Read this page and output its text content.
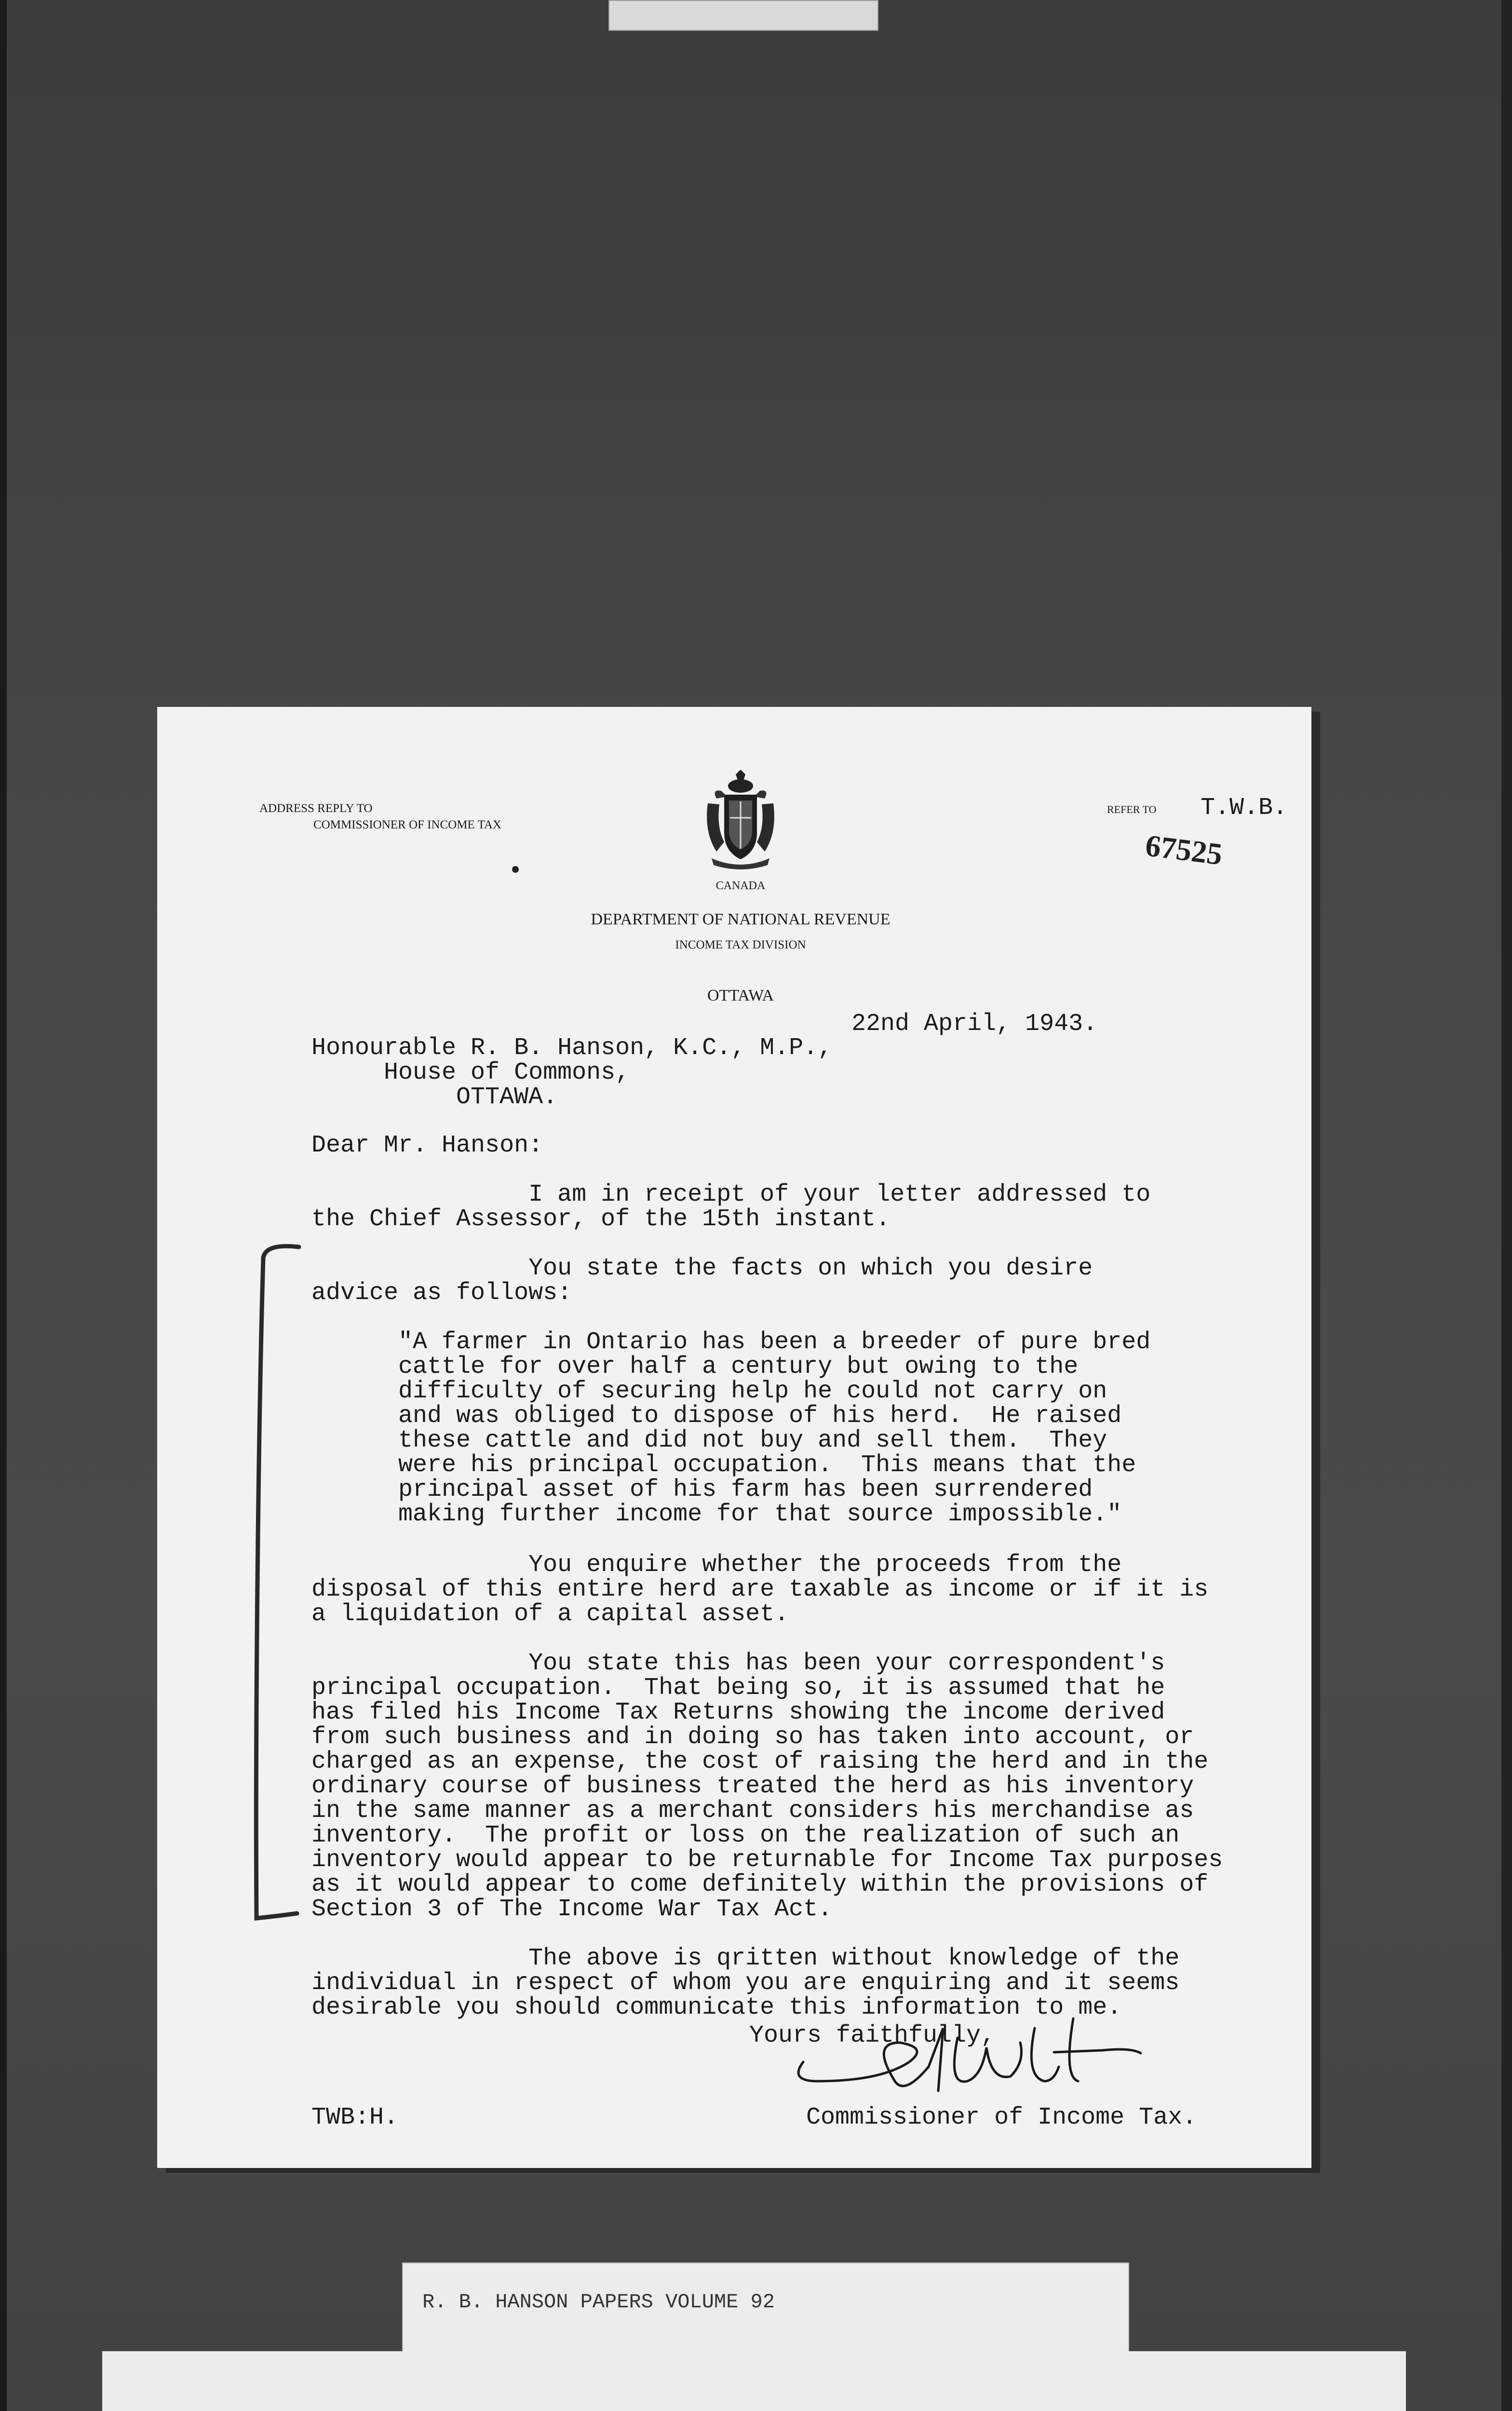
ADDRESS REPLY TO
COMMISSIONER OF INCOME TAX
CANADA
DEPARTMENT OF NATIONAL REVENUE
INCOME TAX DIVISION
OTTAWA
REFER TO T.W.B.
67525
22nd April, 1943.
Honourable R. B. Hanson, K.C., M.P.,
House of Commons,
OTTAWA.
Dear Mr. Hanson:
I am in receipt of your letter addressed to
the Chief Assessor, of the 15th instant.

You state the facts on which you desire
advice as follows:
"A farmer in Ontario has been a breeder of pure bred
cattle for over half a century but owing to the
difficulty of securing help he could not carry on
and was obliged to dispose of his herd.  He raised
these cattle and did not buy and sell them.  They
were his principal occupation.  This means that the
principal asset of his farm has been surrendered
making further income for that source impossible."
You enquire whether the proceeds from the
disposal of this entire herd are taxable as income or if it is
a liquidation of a capital asset.

You state this has been your correspondent's
principal occupation.  That being so, it is assumed that he
has filed his Income Tax Returns showing the income derived
from such business and in doing so has taken into account, or
charged as an expense, the cost of raising the herd and in the
ordinary course of business treated the herd as his inventory
in the same manner as a merchant considers his merchandise as
inventory.  The profit or loss on the realization of such an
inventory would appear to be returnable for Income Tax purposes
as it would appear to come definitely within the provisions of
Section 3 of The Income War Tax Act.

The above is qritten without knowledge of the
individual in respect of whom you are enquiring and it seems
desirable you should communicate this information to me.
Yours faithfully,
Commissioner of Income Tax.
TWB:H.
R. B. HANSON PAPERS VOLUME 92
